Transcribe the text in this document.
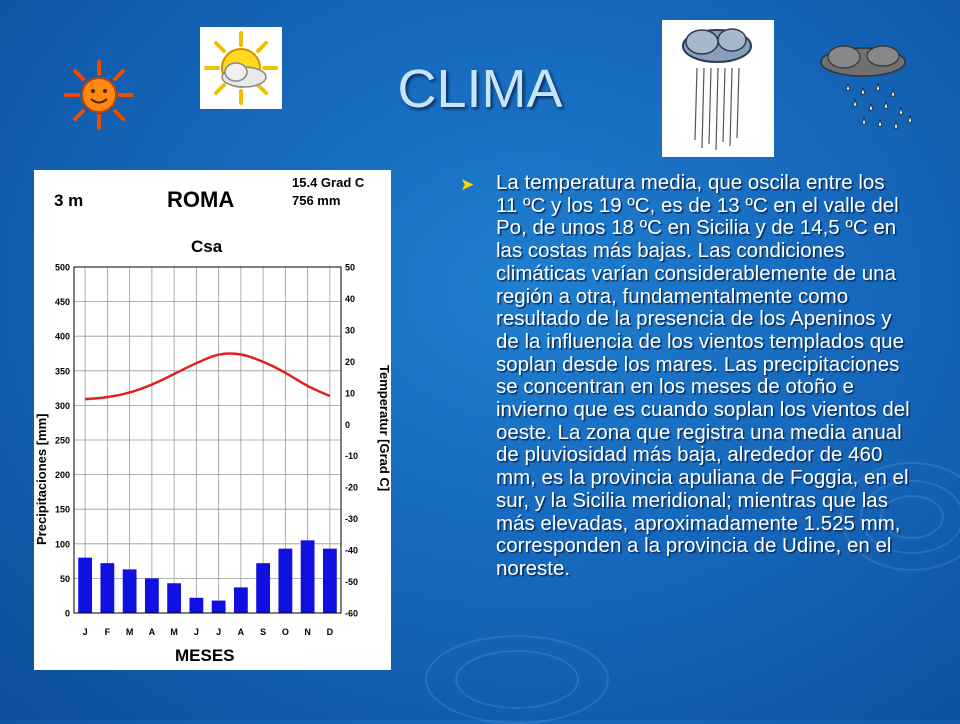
CLIMA
3 m	ROMA
15.4 Grad C
756 mm
Csa
Precipitaciones [mm]	Temperatur [Grad C]
MESES
0
50
100
150
200
250
300
350
400
450
500
-60
-50
-40
-30
-20
-10
0
10
20
30
40
50
J F M A M J J A S O N D
➤ La temperatura media, que oscila entre los 11 ºC y los 19 ºC, es de 13 ºC en el valle del Po, de unos 18 ºC en Sicilia y de 14,5 ºC en las costas más bajas. Las condiciones climáticas varían considerablemente de una región a otra, fundamentalmente como resultado de la presencia de los Apeninos y de la influencia de los vientos templados que soplan desde los mares. Las precipitaciones se concentran en los meses de otoño e invierno que es cuando soplan los vientos del oeste. La zona que registra una media anual de pluviosidad más baja, alrededor de 460 mm, es la provincia apuliana de Foggia, en el sur, y la Sicilia meridional; mientras que las más elevadas, aproximadamente 1.525 mm, corresponden a la provincia de Udine, en el noreste.
